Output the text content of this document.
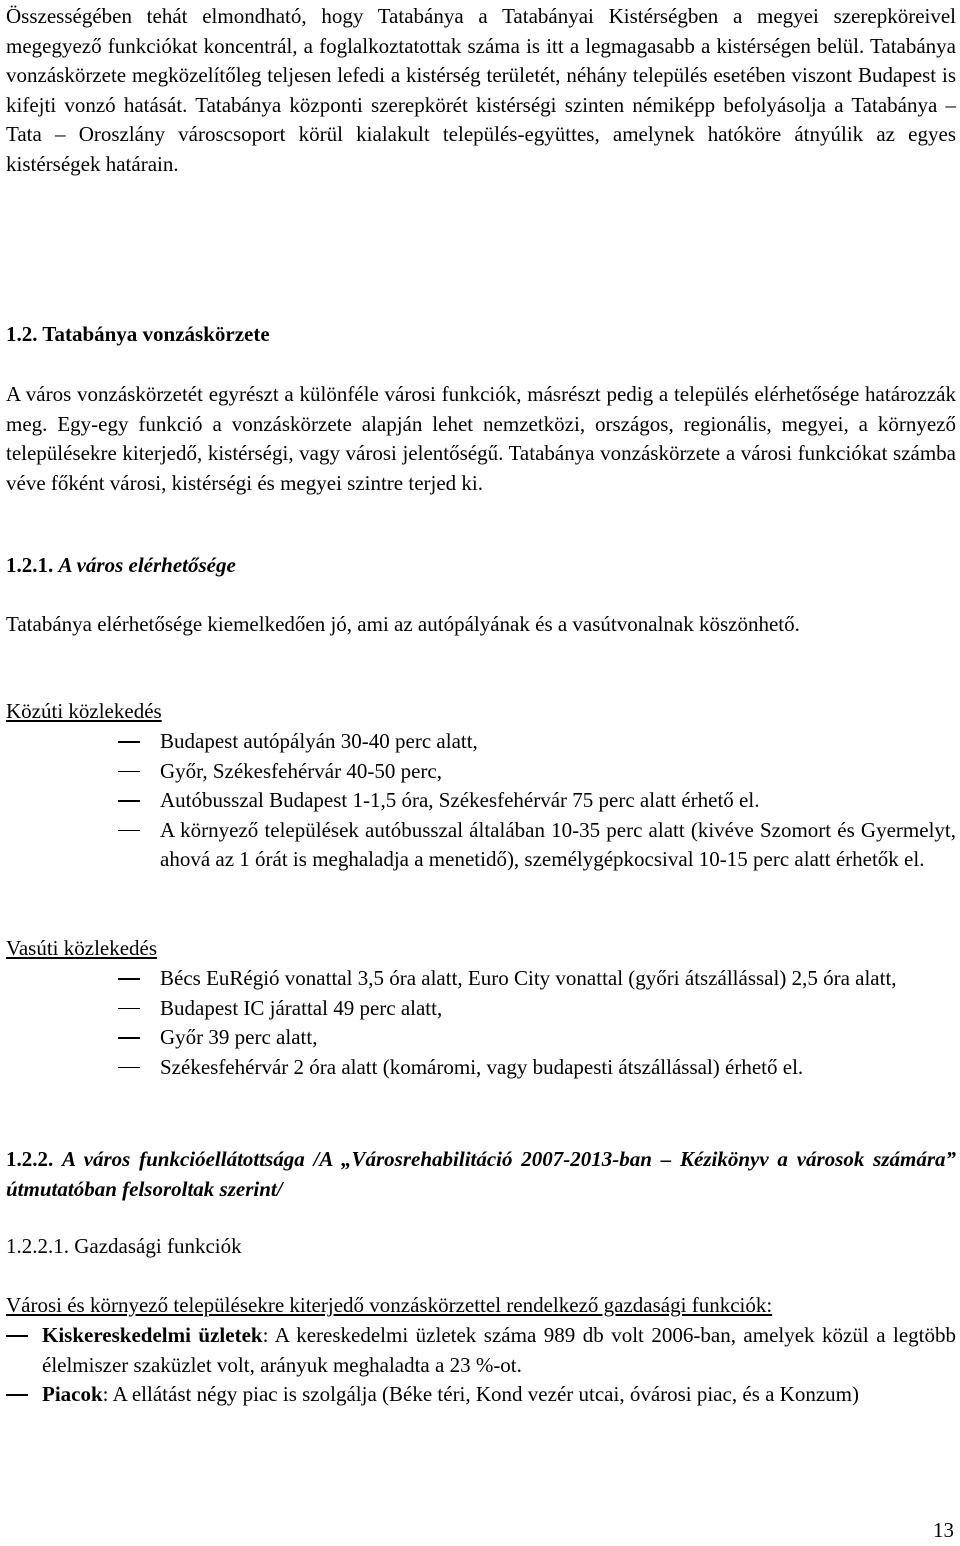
Összességében tehát elmondható, hogy Tatabánya a Tatabányai Kistérségben a megyei szerepköreivel megegyező funkciókat koncentrál, a foglalkoztatottak száma is itt a legmagasabb a kistérségen belül. Tatabánya vonzáskörzete megközelítőleg teljesen lefedi a kistérség területét, néhány település esetében viszont Budapest is kifejti vonzó hatását. Tatabánya központi szerepkörét kistérségi szinten némiképp befolyásolja a Tatabánya – Tata – Oroszlány városcsoport körül kialakult település-együttes, amelynek hatóköre átnyúlik az egyes kistérségek határain.

1.2. Tatabánya vonzáskörzete

A város vonzáskörzetét egyrészt a különféle városi funkciók, másrészt pedig a település elérhetősége határozzák meg. Egy-egy funkció a vonzáskörzete alapján lehet nemzetközi, országos, regionális, megyei, a környező településekre kiterjedő, kistérségi, vagy városi jelentőségű. Tatabánya vonzáskörzete a városi funkciókat számba véve főként városi, kistérségi és megyei szintre terjed ki.

1.2.1. A város elérhetősége

Tatabánya elérhetősége kiemelkedően jó, ami az autópályának és a vasútvonalnak köszönhető.

Közúti közlekedés

Budapest autópályán 30-40 perc alatt,
Győr, Székesfehérvár 40-50 perc,
Autóbusszal Budapest 1-1,5 óra, Székesfehérvár 75 perc alatt érhető el.
A környező települések autóbusszal általában 10-35 perc alatt (kivéve Szomort és Gyermelyt, ahová az 1 órát is meghaladja a menetidő), személygépkocsival 10-15 perc alatt érhetők el.

Vasúti közlekedés

Bécs EuRégió vonattal 3,5 óra alatt, Euro City vonattal (győri átszállással) 2,5 óra alatt,
Budapest IC járattal 49 perc alatt,
Győr 39 perc alatt,
Székesfehérvár 2 óra alatt (komáromi, vagy budapesti átszállással) érhető el.

1.2.2. A város funkcióellátottsága /A „Városrehabilitáció 2007-2013-ban – Kézikönyv a városok számára” útmutatóban felsoroltak szerint/

1.2.2.1. Gazdasági funkciók

Városi és környező településekre kiterjedő vonzáskörzettel rendelkező gazdasági funkciók:

Kiskereskedelmi üzletek: A kereskedelmi üzletek száma 989 db volt 2006-ban, amelyek közül a legtöbb élelmiszer szaküzlet volt, arányuk meghaladta a 23 %-ot.
Piacok: A ellátást négy piac is szolgálja (Béke téri, Kond vezér utcai, óvárosi piac, és a Konzum)
13
